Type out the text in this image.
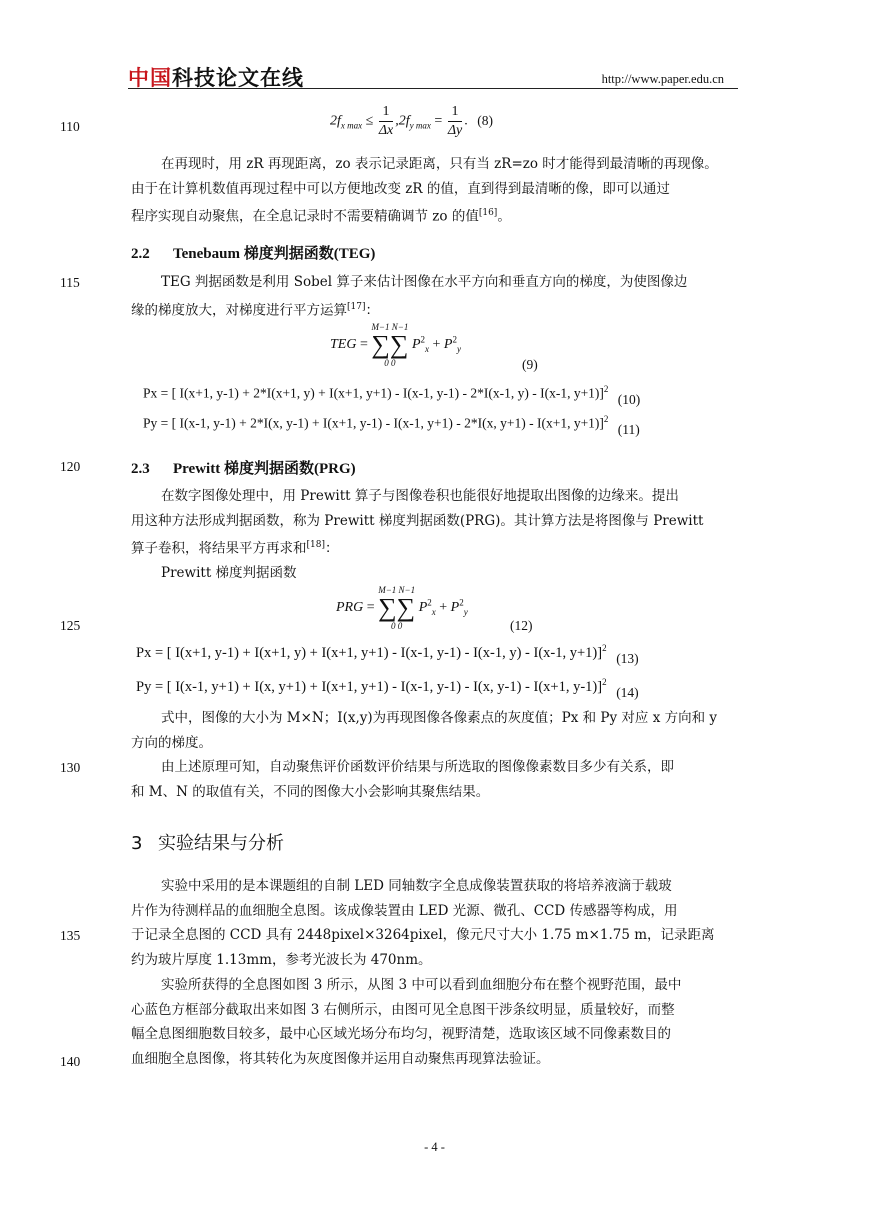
中国科技论文在线	http://www.paper.edu.cn
110
115
120
125
130
135
140
$2f_{x max} \le \frac{1}{\Delta x} ,2f_{y max} = \frac{1}{\Delta y}$ . (8)
在再现时，用 zR 再现距离，zo 表示记录距离，只有当 zR=zo 时才能得到最清晰的再现像。
由于在计算机数值再现过程中可以方便地改变 zR 的值，直到得到最清晰的像，即可以通过
程序实现自动聚焦，在全息记录时不需要精确调节 zo 的值[16]。
2.2 Tenebaum 梯度判据函数(TEG)
TEG 判据函数是利用 Sobel 算子来估计图像在水平方向和垂直方向的梯度，为使图像边
缘的梯度放大，对梯度进行平方运算[17]：
TEG =
M−1 N−1
∑∑
0 0
$P^2_x + P^2_y$
(9)
Px = [ I(x+1, y-1) + 2*I(x+1, y) + I(x+1, y+1) - I(x-1, y-1) - 2*I(x-1, y) - I(x-1, y+1)]$^2$ (10)
Py = [ I(x-1, y-1) + 2*I(x, y-1) + I(x+1, y-1) - I(x-1, y+1) - 2*I(x, y+1) - I(x+1, y+1)]$^2$ (11)
2.3 Prewitt 梯度判据函数(PRG)
在数字图像处理中，用 Prewitt 算子与图像卷积也能很好地提取出图像的边缘来。提出
用这种方法形成判据函数，称为 Prewitt 梯度判据函数(PRG)。其计算方法是将图像与 Prewitt
算子卷积，将结果平方再求和[18]：
Prewitt 梯度判据函数
PRG =
M−1 N−1
∑∑
0 0
$P^2_x + P^2_y$
(12)
Px = [ I(x+1, y-1) + I(x+1, y) + I(x+1, y+1) - I(x-1, y-1) - I(x-1, y) - I(x-1, y+1)]$^2$ (13)
Py = [ I(x-1, y+1) + I(x, y+1) + I(x+1, y+1) - I(x-1, y-1) - I(x, y-1) - I(x+1, y-1)]$^2$ (14)
式中，图像的大小为 M×N；I(x,y)为再现图像各像素点的灰度值；Px 和 Py 对应 x 方向和 y
方向的梯度。
由上述原理可知，自动聚焦评价函数评价结果与所选取的图像像素数目多少有关系，即
和 M、N 的取值有关，不同的图像大小会影响其聚焦结果。
3 实验结果与分析
实验中采用的是本课题组的自制 LED 同轴数字全息成像装置获取的将培养液滴于载玻
片作为待测样品的血细胞全息图。该成像装置由 LED 光源、微孔、CCD 传感器等构成，用
于记录全息图的 CCD 具有 2448pixel×3264pixel，像元尺寸大小 1.75 m×1.75 m，记录距离
约为玻片厚度 1.13mm，参考光波长为 470nm。
实验所获得的全息图如图 3 所示，从图 3 中可以看到血细胞分布在整个视野范围，最中
心蓝色方框部分截取出来如图 3 右侧所示，由图可见全息图干涉条纹明显，质量较好，而整
幅全息图细胞数目较多，最中心区域光场分布均匀，视野清楚，选取该区域不同像素数目的
血细胞全息图像，将其转化为灰度图像并运用自动聚焦再现算法验证。
- 4 -
